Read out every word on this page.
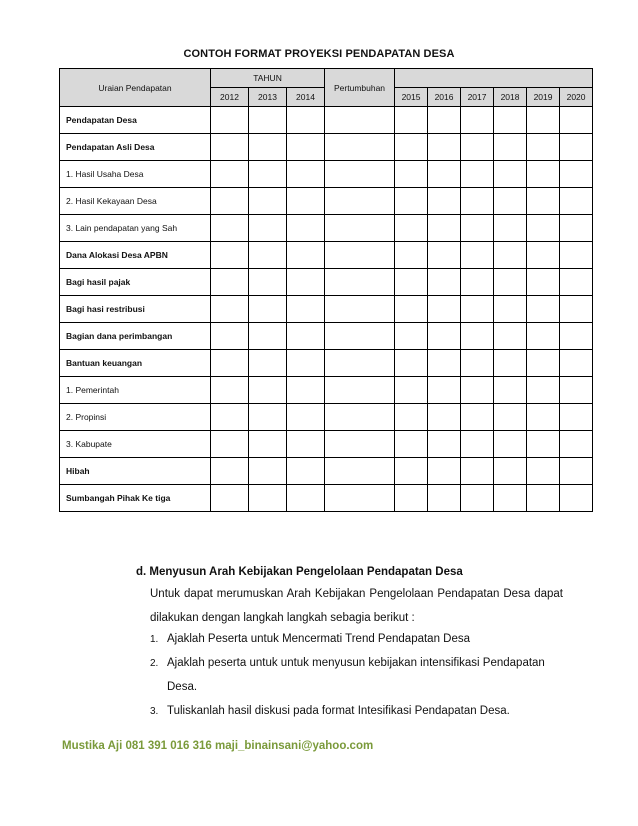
CONTOH FORMAT PROYEKSI PENDAPATAN DESA
Uraian Pendapatan	TAHUN			Pertumbuhan						
	2012	2013	2014		2015	2016	2017	2018	2019	2020
Pendapatan Desa										
Pendapatan Asli Desa										
1. Hasil Usaha Desa										
2. Hasil Kekayaan Desa										
3. Lain pendapatan yang Sah										
Dana Alokasi Desa APBN										
Bagi hasil pajak										
Bagi hasi restribusi										
Bagian dana perimbangan										
Bantuan keuangan										
1. Pemerintah										
2. Propinsi										
3. Kabupate										
Hibah										
Sumbangah Pihak Ke tiga										
d. Menyusun Arah Kebijakan Pengelolaan Pendapatan Desa
Untuk dapat merumuskan Arah Kebijakan Pengelolaan Pendapatan Desa dapat
dilakukan dengan langkah langkah sebagia berikut :
1. Ajaklah Peserta untuk Mencermati Trend Pendapatan Desa
2. Ajaklah peserta untuk untuk menyusun kebijakan intensifikasi Pendapatan
Desa.
3. Tuliskanlah hasil diskusi pada format Intesifikasi Pendapatan Desa.
Mustika Aji 081 391 016 316 maji_binainsani@yahoo.com
